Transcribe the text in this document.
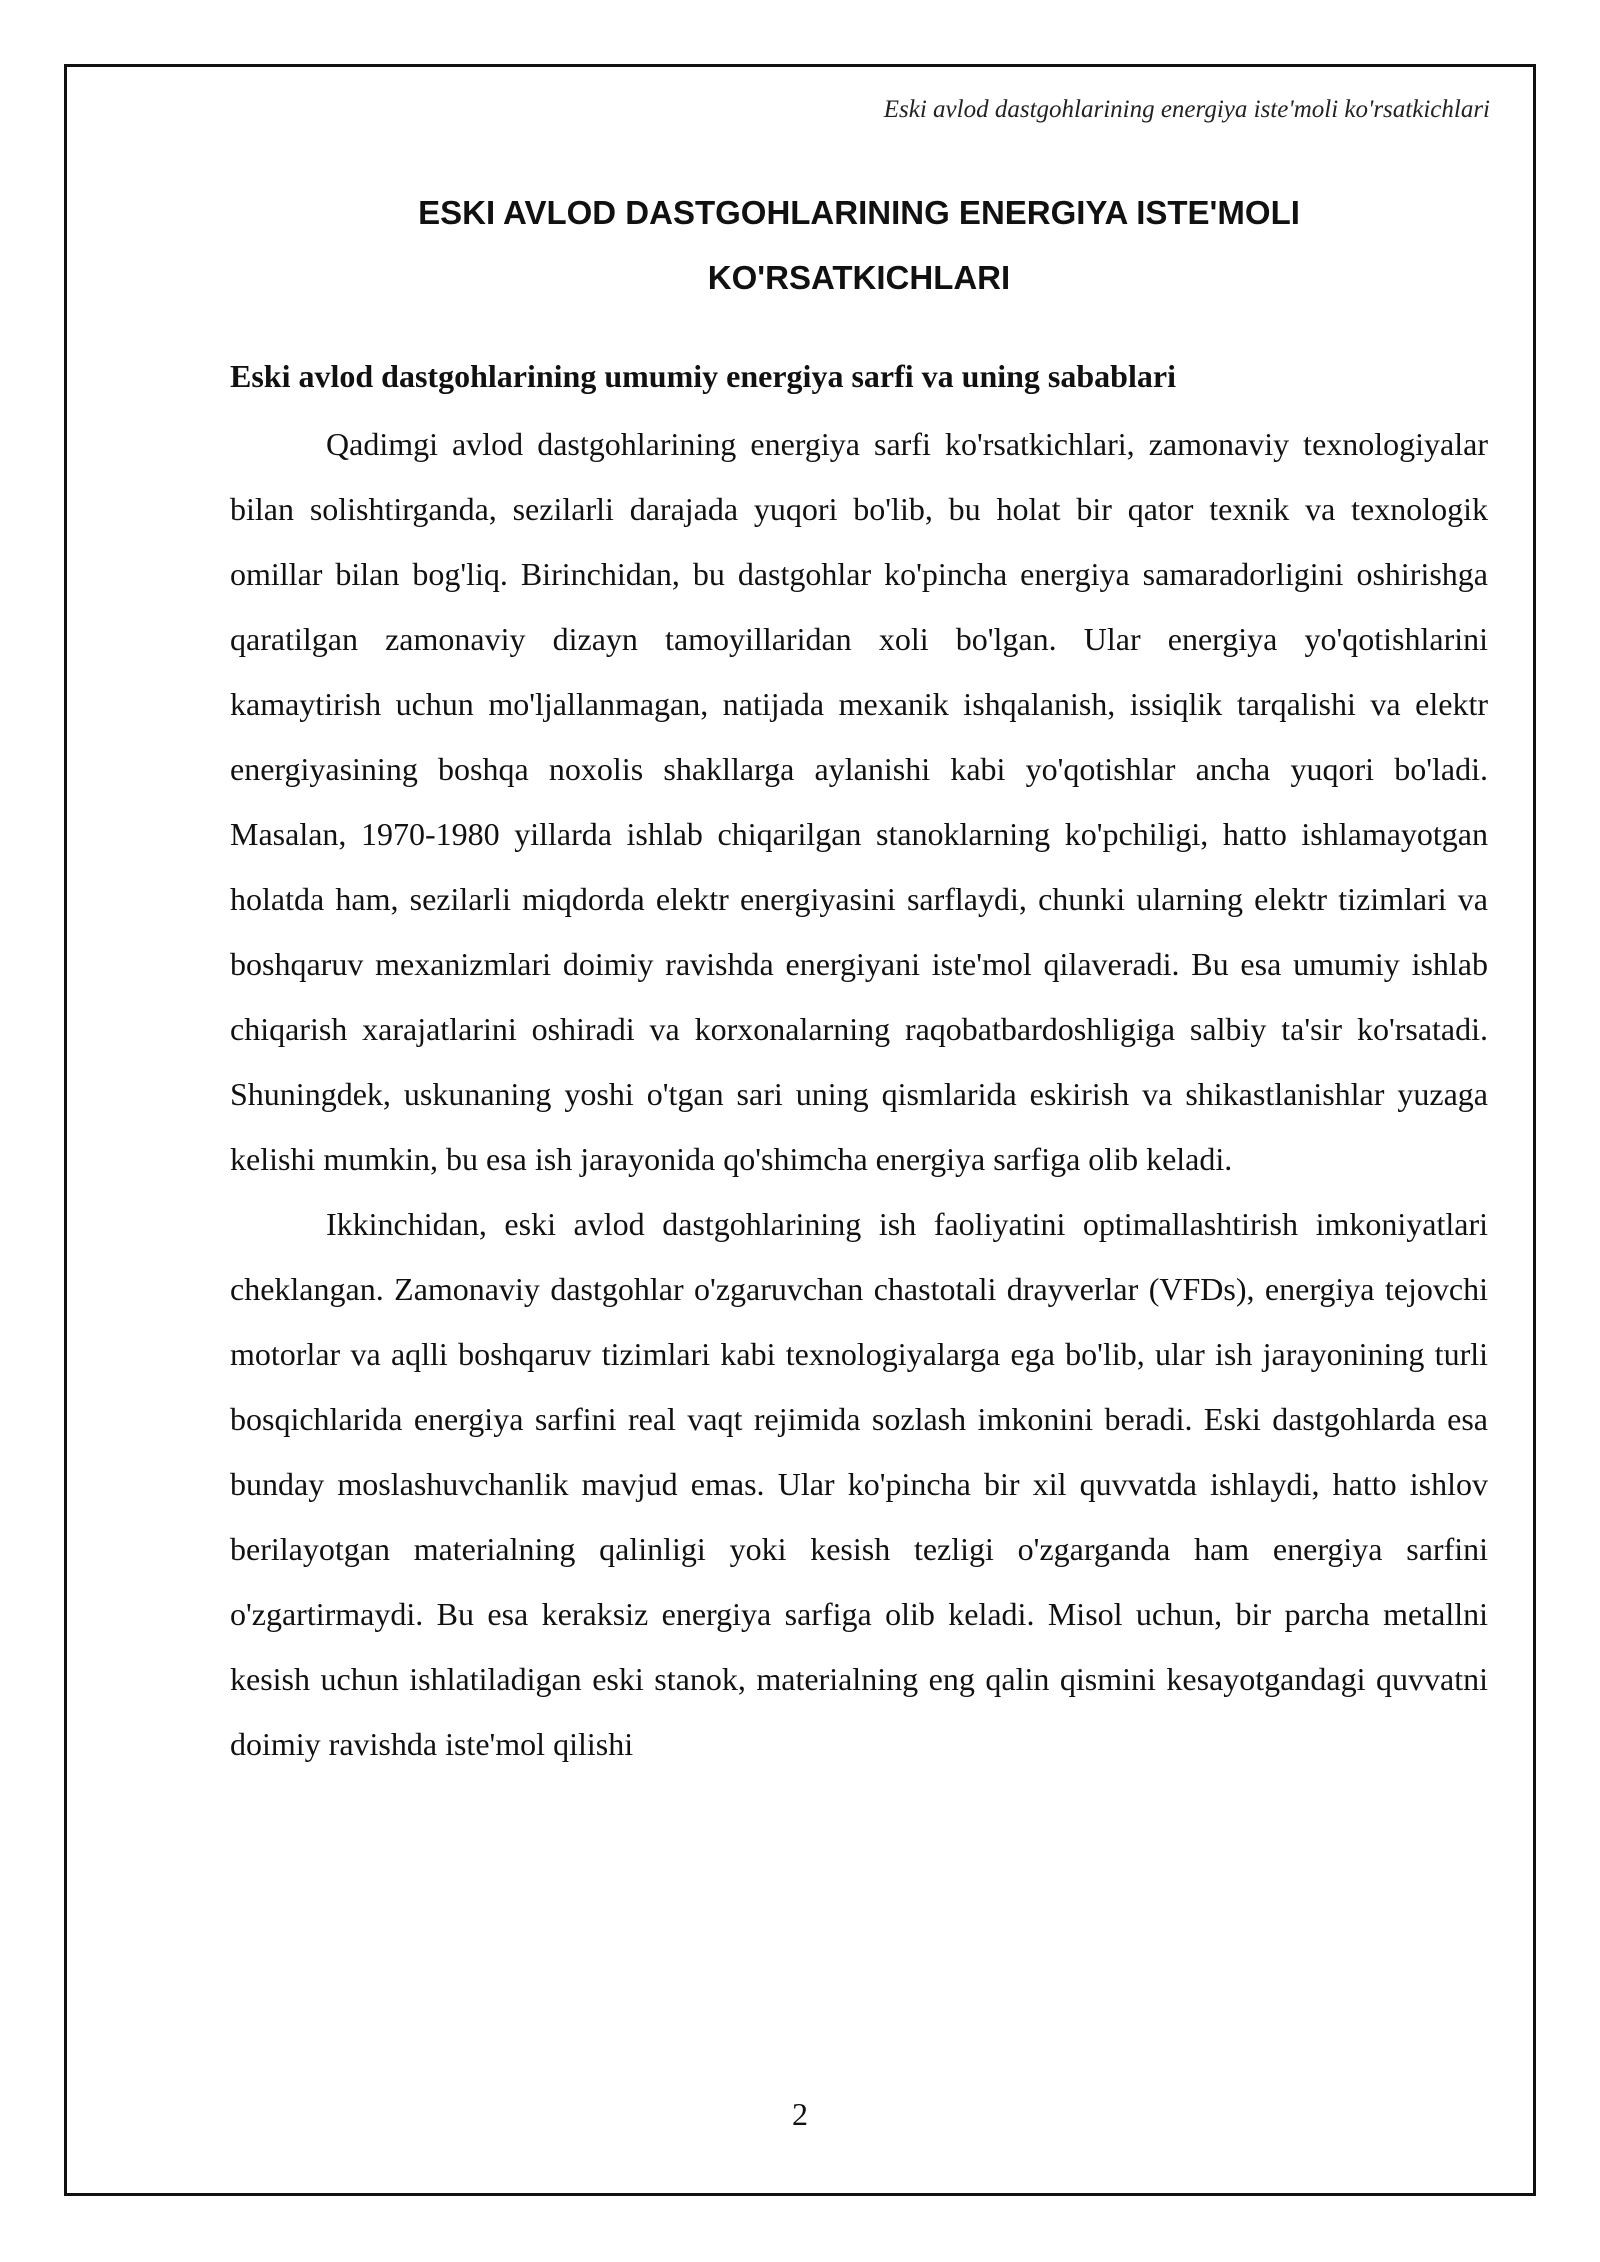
Eski avlod dastgohlarining energiya iste'moli ko'rsatkichlari
ESKI AVLOD DASTGOHLARINING ENERGIYA ISTE'MOLI
KO'RSATKICHLARI
Eski avlod dastgohlarining umumiy energiya sarfi va uning sabablari

Qadimgi avlod dastgohlarining energiya sarfi ko'rsatkichlari, zamonaviy texnologiyalar bilan solishtirganda, sezilarli darajada yuqori bo'lib, bu holat bir qator texnik va texnologik omillar bilan bog'liq. Birinchidan, bu dastgohlar ko'pincha energiya samaradorligini oshirishga qaratilgan zamonaviy dizayn tamoyillaridan xoli bo'lgan. Ular energiya yo'qotishlarini kamaytirish uchun mo'ljallanmagan, natijada mexanik ishqalanish, issiqlik tarqalishi va elektr energiyasining boshqa noxolis shakllarga aylanishi kabi yo'qotishlar ancha yuqori bo'ladi. Masalan, 1970-1980 yillarda ishlab chiqarilgan stanoklarning ko'pchiligi, hatto ishlamayotgan holatda ham, sezilarli miqdorda elektr energiyasini sarflaydi, chunki ularning elektr tizimlari va boshqaruv mexanizmlari doimiy ravishda energiyani iste'mol qilaveradi. Bu esa umumiy ishlab chiqarish xarajatlarini oshiradi va korxonalarning raqobatbardoshligiga salbiy ta'sir ko'rsatadi. Shuningdek, uskunaning yoshi o'tgan sari uning qismlarida eskirish va shikastlanishlar yuzaga kelishi mumkin, bu esa ish jarayonida qo'shimcha energiya sarfiga olib keladi.

Ikkinchidan, eski avlod dastgohlarining ish faoliyatini optimallashtirish imkoniyatlari cheklangan. Zamonaviy dastgohlar o'zgaruvchan chastotali drayverlar (VFDs), energiya tejovchi motorlar va aqlli boshqaruv tizimlari kabi texnologiyalarga ega bo'lib, ular ish jarayonining turli bosqichlarida energiya sarfini real vaqt rejimida sozlash imkonini beradi. Eski dastgohlarda esa bunday moslashuvchanlik mavjud emas. Ular ko'pincha bir xil quvvatda ishlaydi, hatto ishlov berilayotgan materialning qalinligi yoki kesish tezligi o'zgarganda ham energiya sarfini o'zgartirmaydi. Bu esa keraksiz energiya sarfiga olib keladi. Misol uchun, bir parcha metallni kesish uchun ishlatiladigan eski stanok, materialning eng qalin qismini kesayotgandagi quvvatni doimiy ravishda iste'mol qilishi

2
